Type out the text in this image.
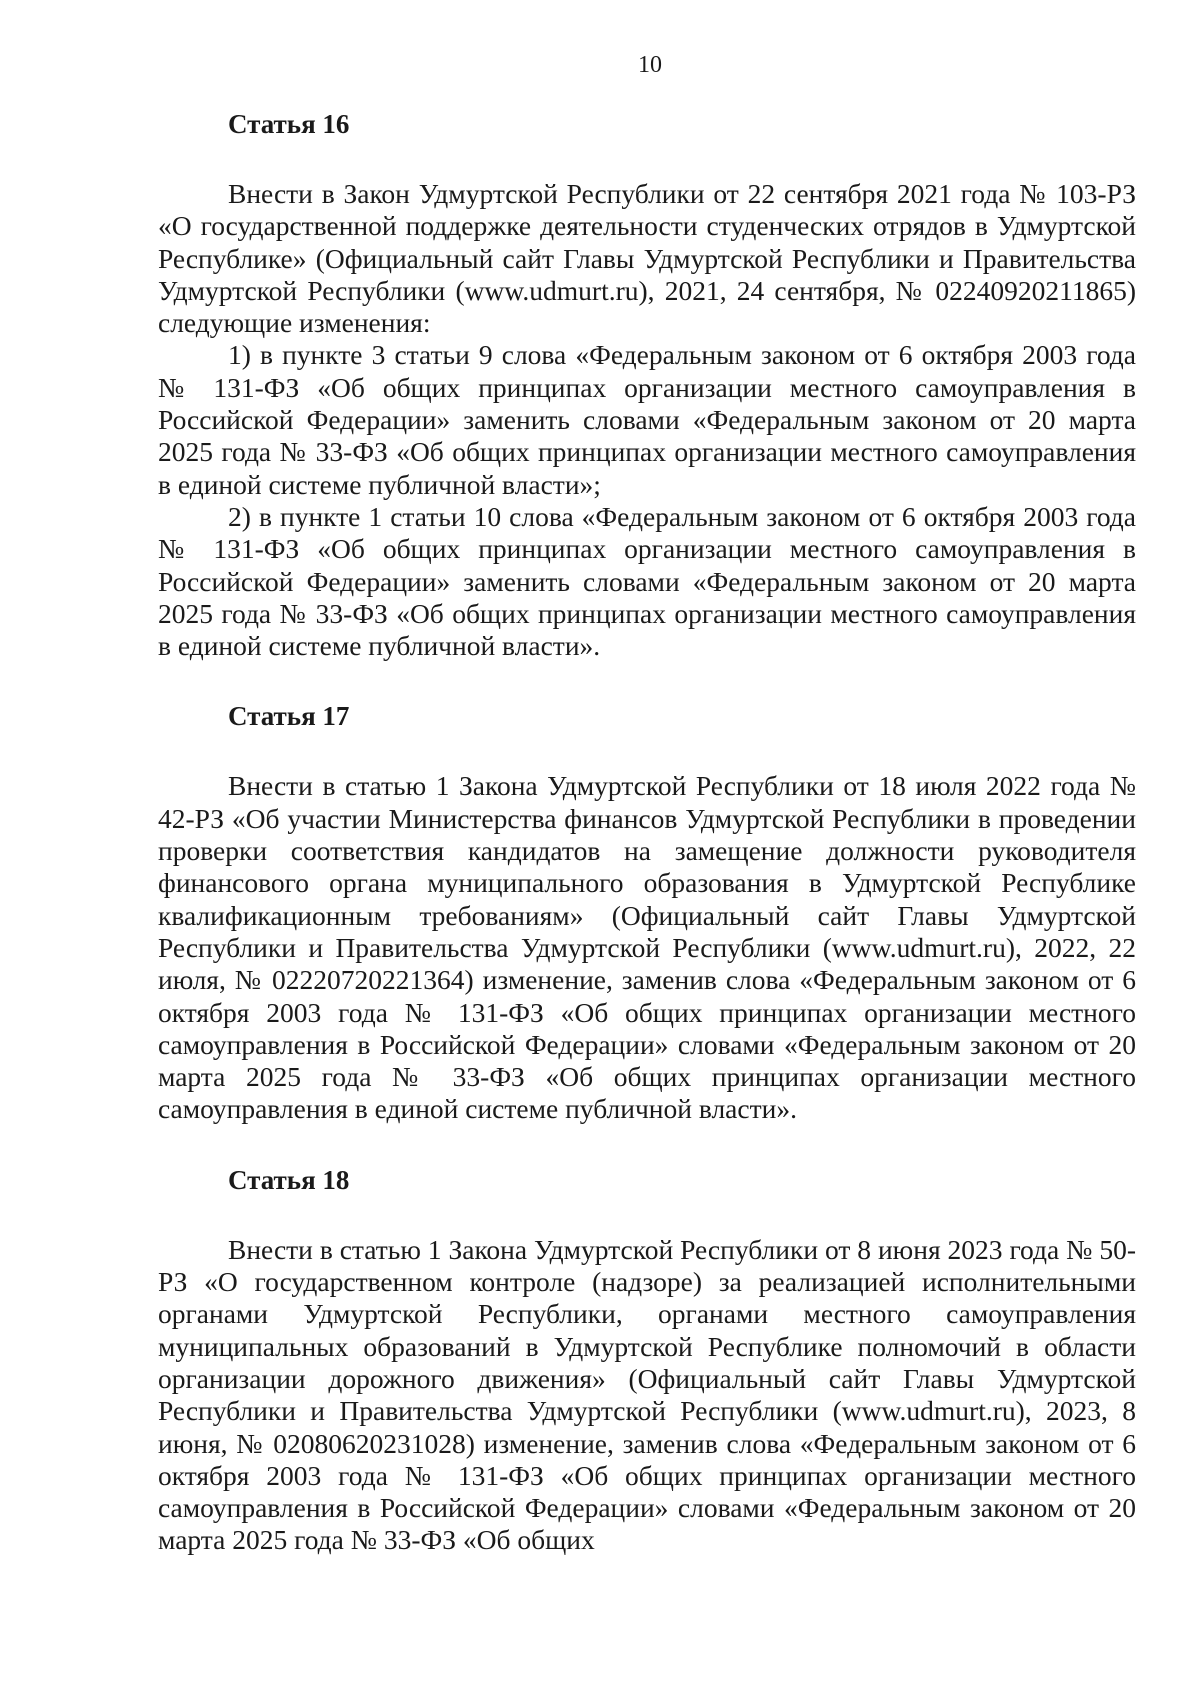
10
Статья 16

Внести в Закон Удмуртской Республики от 22 сентября 2021 года № 103-РЗ «О государственной поддержке деятельности студенческих отрядов в Удмуртской Республике» (Официальный сайт Главы Удмуртской Республики и Правительства Удмуртской Республики (www.udmurt.ru), 2021, 24 сентября, № 02240920211865) следующие изменения:

1) в пункте 3 статьи 9 слова «Федеральным законом от 6 октября 2003 года № 131-ФЗ «Об общих принципах организации местного самоуправления в Российской Федерации» заменить словами «Федеральным законом от 20 марта 2025 года № 33-ФЗ «Об общих принципах организации местного самоуправления в единой системе публичной власти»;

2) в пункте 1 статьи 10 слова «Федеральным законом от 6 октября 2003 года № 131-ФЗ «Об общих принципах организации местного самоуправления в Российской Федерации» заменить словами «Федеральным законом от 20 марта 2025 года № 33-ФЗ «Об общих принципах организации местного самоуправления в единой системе публичной власти».

Статья 17

Внести в статью 1 Закона Удмуртской Республики от 18 июля 2022 года № 42-РЗ «Об участии Министерства финансов Удмуртской Республики в проведении проверки соответствия кандидатов на замещение должности руководителя финансового органа муниципального образования в Удмуртской Республике квалификационным требованиям» (Официальный сайт Главы Удмуртской Республики и Правительства Удмуртской Республики (www.udmurt.ru), 2022, 22 июля, № 02220720221364) изменение, заменив слова «Федеральным законом от 6 октября 2003 года № 131-ФЗ «Об общих принципах организации местного самоуправления в Российской Федерации» словами «Федеральным законом от 20 марта 2025 года № 33-ФЗ «Об общих принципах организации местного самоуправления в единой системе публичной власти».

Статья 18

Внести в статью 1 Закона Удмуртской Республики от 8 июня 2023 года № 50-РЗ «О государственном контроле (надзоре) за реализацией исполнительными органами Удмуртской Республики, органами местного самоуправления муниципальных образований в Удмуртской Республике полномочий в области организации дорожного движения» (Официальный сайт Главы Удмуртской Республики и Правительства Удмуртской Республики (www.udmurt.ru), 2023, 8 июня, № 02080620231028) изменение, заменив слова «Федеральным законом от 6 октября 2003 года № 131-ФЗ «Об общих принципах организации местного самоуправления в Российской Федерации» словами «Федеральным законом от 20 марта 2025 года № 33-ФЗ «Об общих
